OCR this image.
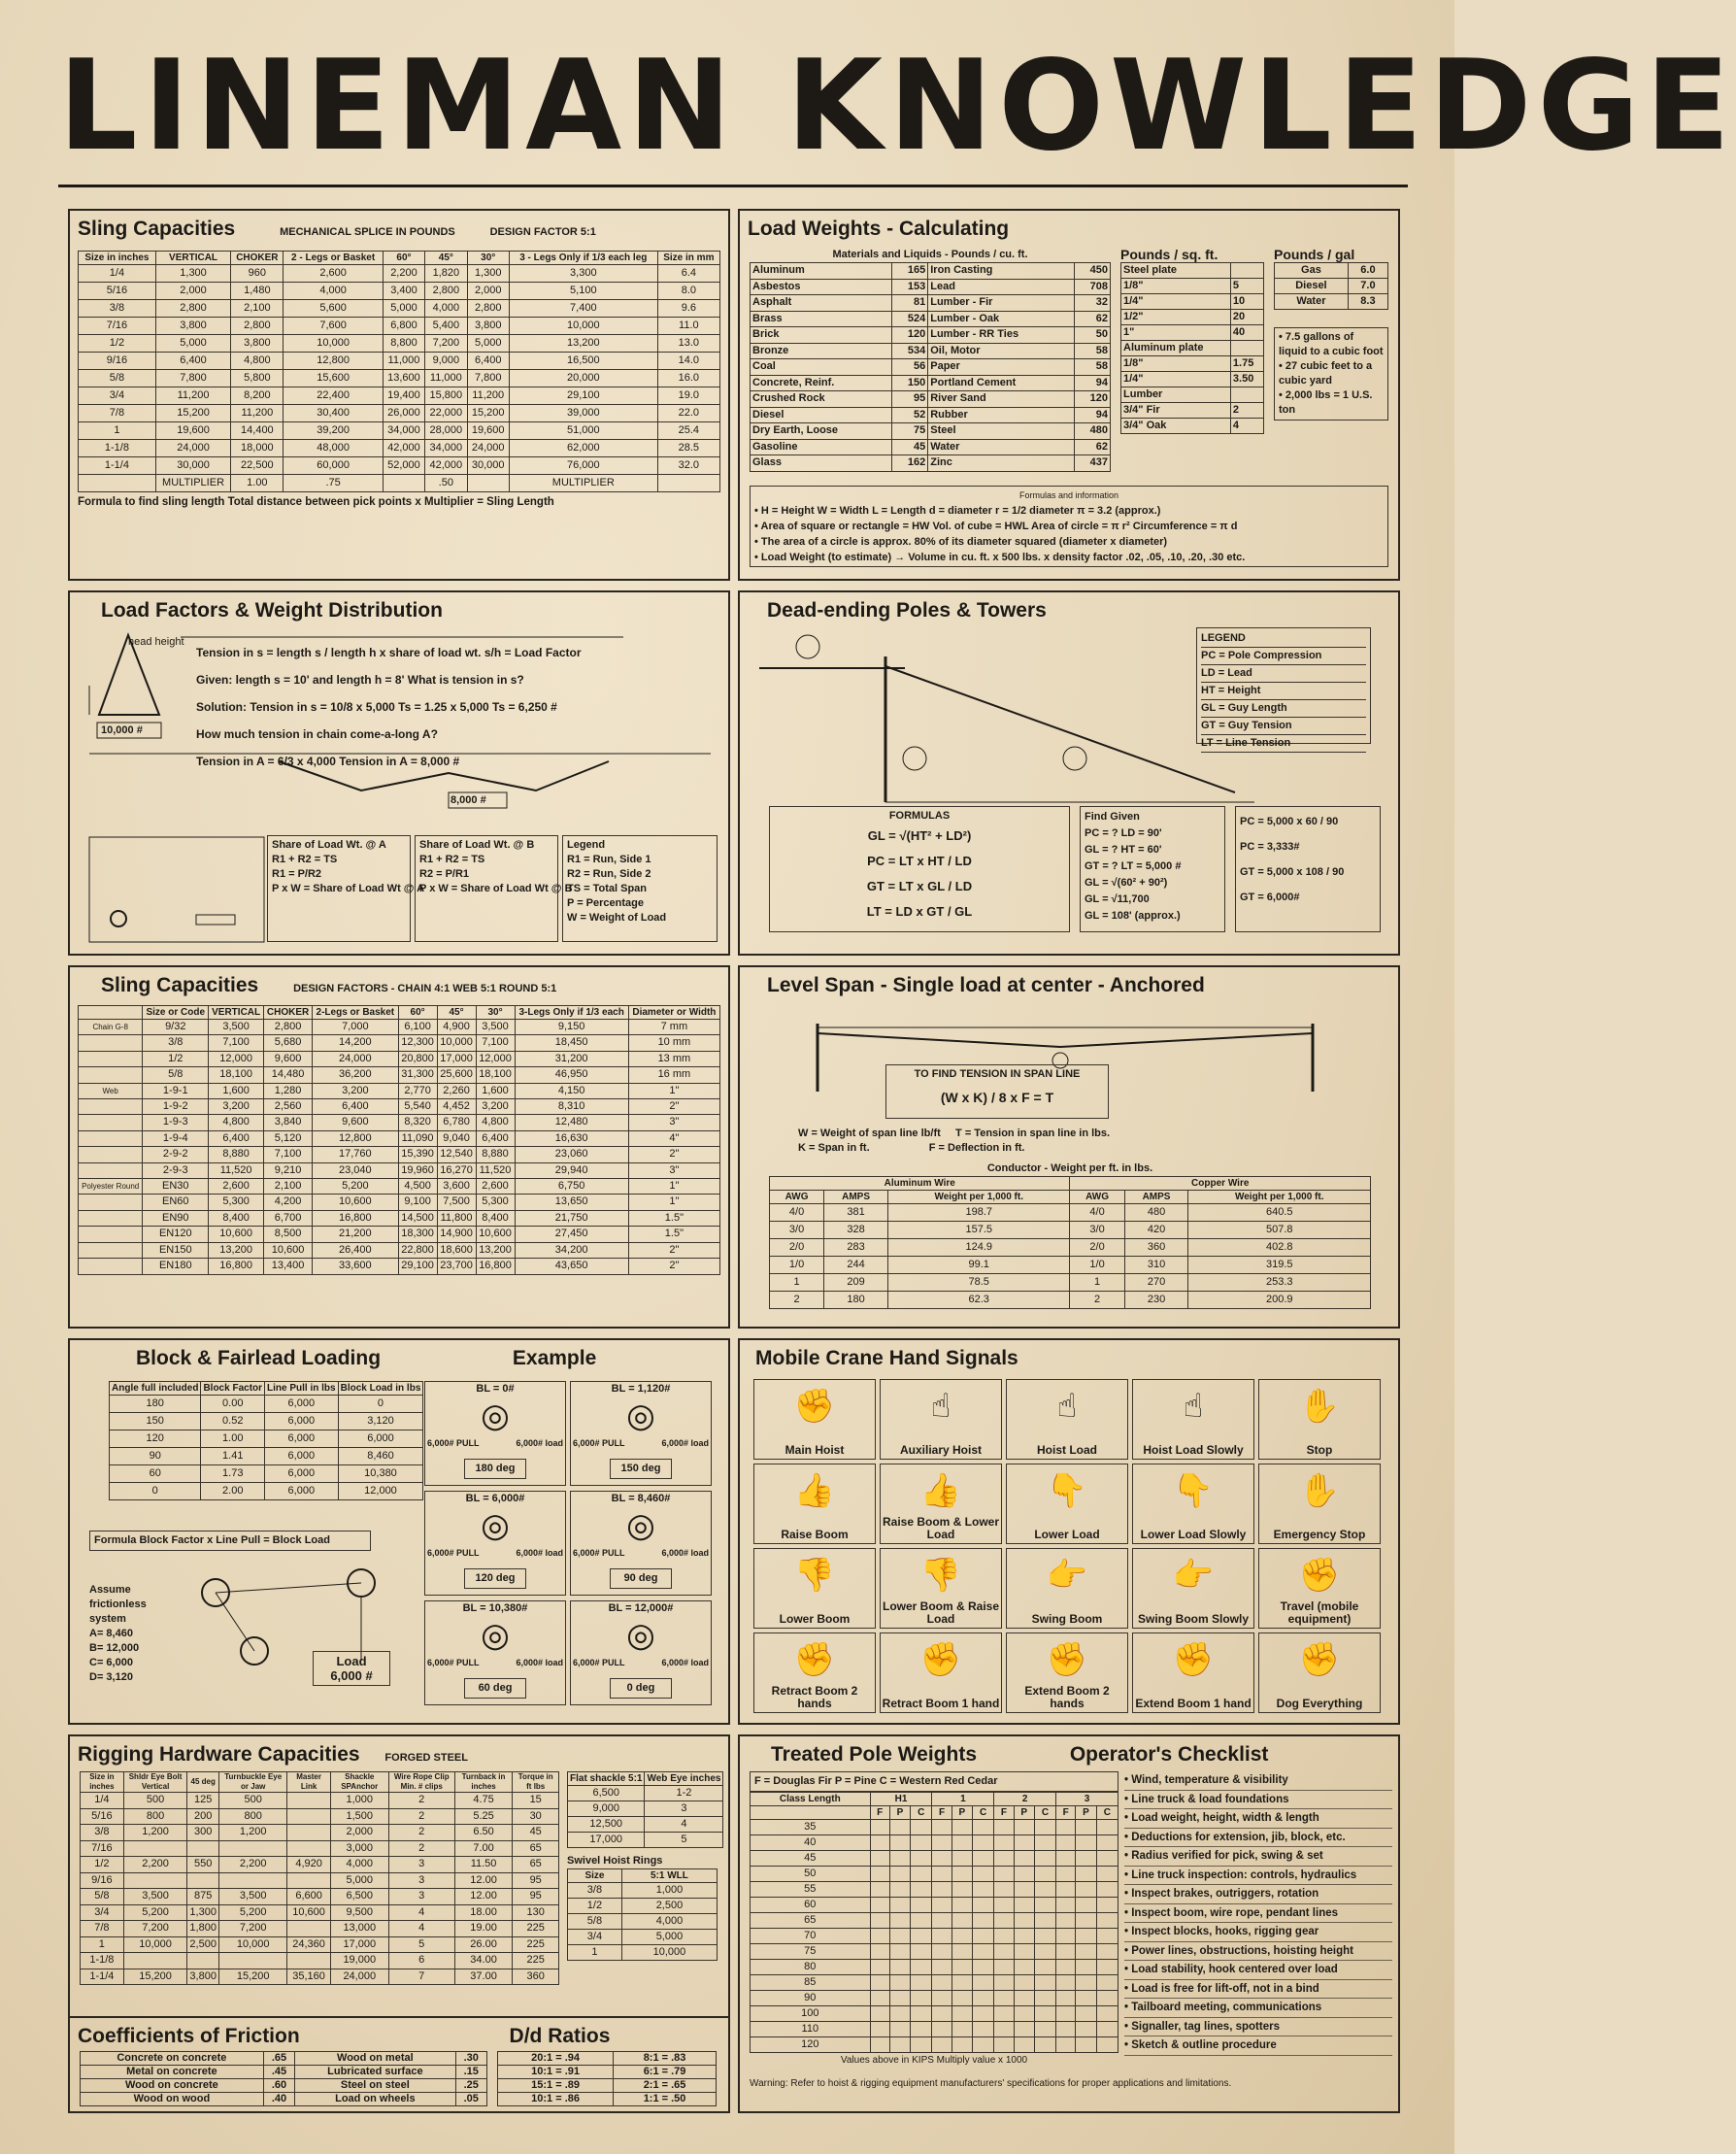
LINEMAN KNOWLEDGE
Sling Capacities	MECHANICAL SPLICE IN POUNDS	DESIGN FACTOR 5:1
Size in inches	VERTICAL	CHOKER	2 - Legs or Basket	60°	45°	30°	3 - Legs Only if 1/3 each leg	Size in mm
1/4	1,300	960	2,600	2,200	1,820	1,300	3,300	6.4
5/16	2,000	1,480	4,000	3,400	2,800	2,000	5,100	8.0
3/8	2,800	2,100	5,600	5,000	4,000	2,800	7,400	9.6
7/16	3,800	2,800	7,600	6,800	5,400	3,800	10,000	11.0
1/2	5,000	3,800	10,000	8,800	7,200	5,000	13,200	13.0
9/16	6,400	4,800	12,800	11,000	9,000	6,400	16,500	14.0
5/8	7,800	5,800	15,600	13,600	11,000	7,800	20,000	16.0
3/4	11,200	8,200	22,400	19,400	15,800	11,200	29,100	19.0
7/8	15,200	11,200	30,400	26,000	22,000	15,200	39,000	22.0
1	19,600	14,400	39,200	34,000	28,000	19,600	51,000	25.4
1-1/8	24,000	18,000	48,000	42,000	34,000	24,000	62,000	28.5
1-1/4	30,000	22,500	60,000	52,000	42,000	30,000	76,000	32.0
	MULTIPLIER	1.00	.75		.50		MULTIPLIER	
Formula to find sling length Total distance between pick points x Multiplier = Sling Length
Load Weights - Calculating
Materials and Liquids - Pounds / cu. ft.
Aluminum	165	Iron Casting	450
Asbestos	153	Lead	708
Asphalt	81	Lumber - Fir	32
Brass	524	Lumber - Oak	62
Brick	120	Lumber - RR Ties	50
Bronze	534	Oil, Motor	58
Coal	56	Paper	58
Concrete, Reinf.	150	Portland Cement	94
Crushed Rock	95	River Sand	120
Diesel	52	Rubber	94
Dry Earth, Loose	75	Steel	480
Gasoline	45	Water	62
Glass	162	Zinc	437
Pounds / sq. ft.
Steel plate	
1/8"	5
1/4"	10
1/2"	20
1"	40
Aluminum plate	
1/8"	1.75
1/4"	3.50
Lumber	
3/4" Fir	2
3/4" Oak	4
Pounds / gal
Gas	6.0
Diesel	7.0
Water	8.3
• 7.5 gallons of liquid to a cubic foot
• 27 cubic feet to a cubic yard
• 2,000 lbs = 1 U.S. ton
Formulas and information
• H = Height W = Width L = Length d = diameter r = 1/2 diameter π = 3.2 (approx.)
• Area of square or rectangle = HW Vol. of cube = HWL Area of circle = π r² Circumference = π d
• The area of a circle is approx. 80% of its diameter squared (diameter x diameter)
• Load Weight (to estimate) → Volume in cu. ft. x 500 lbs. x density factor .02, .05, .10, .20, .30 etc.
Load Factors & Weight Distribution
head height
10,000 #
Tension in s = length s / length h x share of load wt. s/h = Load Factor
Given: length s = 10' and length h = 8' What is tension in s?
Solution: Tension in s = 10/8 x 5,000 Ts = 1.25 x 5,000 Ts = 6,250 #
How much tension in chain come-a-long A?
Tension in A = 6/3 x 4,000 Tension in A = 8,000 #
8,000 #
Share of Load Wt. @ A
R1 + R2 = TS
R1 = P/R2
P x W = Share of Load Wt @ A
Share of Load Wt. @ B
R1 + R2 = TS
R2 = P/R1
P x W = Share of Load Wt @ B
Legend
R1 = Run, Side 1
R2 = Run, Side 2
TS = Total Span
P = Percentage
W = Weight of Load
Dead-ending Poles & Towers
LEGEND
PC = Pole Compression
LD = Lead
HT = Height
GL = Guy Length
GT = Guy Tension
LT = Line Tension
FORMULAS
GL = √(HT² + LD²)
PC = LT x HT / LD
GT = LT x GL / LD
LT = LD x GT / GL
Find Given
PC = ? LD = 90'
GL = ? HT = 60'
GT = ? LT = 5,000 #
GL = √(60² + 90²)
GL = √11,700
GL = 108' (approx.)
PC = 5,000 x 60 / 90
PC = 3,333#
GT = 5,000 x 108 / 90
GT = 6,000#
Sling Capacities	DESIGN FACTORS - CHAIN 4:1 WEB 5:1 ROUND 5:1
	Size or Code	VERTICAL	CHOKER	2-Legs or Basket	60°	45°	30°	3-Legs Only if 1/3 each	Diameter or Width
Chain G-8	9/32	3,500	2,800	7,000	6,100	4,900	3,500	9,150	7 mm
	3/8	7,100	5,680	14,200	12,300	10,000	7,100	18,450	10 mm
	1/2	12,000	9,600	24,000	20,800	17,000	12,000	31,200	13 mm
	5/8	18,100	14,480	36,200	31,300	25,600	18,100	46,950	16 mm
Web	1-9-1	1,600	1,280	3,200	2,770	2,260	1,600	4,150	1"
	1-9-2	3,200	2,560	6,400	5,540	4,452	3,200	8,310	2"
	1-9-3	4,800	3,840	9,600	8,320	6,780	4,800	12,480	3"
	1-9-4	6,400	5,120	12,800	11,090	9,040	6,400	16,630	4"
	2-9-2	8,880	7,100	17,760	15,390	12,540	8,880	23,060	2"
	2-9-3	11,520	9,210	23,040	19,960	16,270	11,520	29,940	3"
Polyester Round	EN30	2,600	2,100	5,200	4,500	3,600	2,600	6,750	1"
	EN60	5,300	4,200	10,600	9,100	7,500	5,300	13,650	1"
	EN90	8,400	6,700	16,800	14,500	11,800	8,400	21,750	1.5"
	EN120	10,600	8,500	21,200	18,300	14,900	10,600	27,450	1.5"
	EN150	13,200	10,600	26,400	22,800	18,600	13,200	34,200	2"
	EN180	16,800	13,400	33,600	29,100	23,700	16,800	43,650	2"
Level Span - Single load at center - Anchored
TO FIND TENSION IN SPAN LINE
(W x K) / 8 x F = T
W = Weight of span line lb/ft     T = Tension in span line in lbs.
K = Span in ft.                    F = Deflection in ft.
Conductor - Weight per ft. in lbs.
Aluminum Wire			Copper Wire		
AWG	AMPS	Weight per 1,000 ft.	AWG	AMPS	Weight per 1,000 ft.
4/0	381	198.7	4/0	480	640.5
3/0	328	157.5	3/0	420	507.8
2/0	283	124.9	2/0	360	402.8
1/0	244	99.1	1/0	310	319.5
1	209	78.5	1	270	253.3
2	180	62.3	2	230	200.9
Block & Fairlead Loading	Example
Angle full included	Block Factor	Line Pull in lbs	Block Load in lbs
180	0.00	6,000	0
150	0.52	6,000	3,120
120	1.00	6,000	6,000
90	1.41	6,000	8,460
60	1.73	6,000	10,380
0	2.00	6,000	12,000
Formula Block Factor x Line Pull = Block Load
Assume frictionless system
A= 8,460
B= 12,000
C= 6,000
D= 3,120
Load
6,000 #
BL = 0#
◎
6,000# PULL	6,000# load
180 deg
BL = 1,120#
◎
6,000# PULL	6,000# load
150 deg
BL = 6,000#
◎
6,000# PULL	6,000# load
120 deg
BL = 8,460#
◎
6,000# PULL	6,000# load
90 deg
BL = 10,380#
◎
6,000# PULL	6,000# load
60 deg
BL = 12,000#
◎
6,000# PULL	6,000# load
0 deg
Mobile Crane Hand Signals
✊
Main Hoist
☝
Auxiliary Hoist
☝
Hoist Load
☝
Hoist Load Slowly
✋
Stop
👍
Raise Boom
👍
Raise Boom & Lower Load
👇
Lower Load
👇
Lower Load Slowly
✋
Emergency Stop
👎
Lower Boom
👎
Lower Boom & Raise Load
👉
Swing Boom
👉
Swing Boom Slowly
✊
Travel (mobile equipment)
✊
Retract Boom 2 hands
✊
Retract Boom 1 hand
✊
Extend Boom 2 hands
✊
Extend Boom 1 hand
✊
Dog Everything
Rigging Hardware Capacities FORGED STEEL
Size in inches	Shldr Eye Bolt Vertical	45 deg	Turnbuckle Eye or Jaw	Master Link	Shackle SPAnchor	Wire Rope Clip Min. # clips	Turnback in inches	Torque in ft lbs
1/4	500	125	500		1,000	2	4.75	15
5/16	800	200	800		1,500	2	5.25	30
3/8	1,200	300	1,200		2,000	2	6.50	45
7/16					3,000	2	7.00	65
1/2	2,200	550	2,200	4,920	4,000	3	11.50	65
9/16					5,000	3	12.00	95
5/8	3,500	875	3,500	6,600	6,500	3	12.00	95
3/4	5,200	1,300	5,200	10,600	9,500	4	18.00	130
7/8	7,200	1,800	7,200		13,000	4	19.00	225
1	10,000	2,500	10,000	24,360	17,000	5	26.00	225
1-1/8					19,000	6	34.00	225
1-1/4	15,200	3,800	15,200	35,160	24,000	7	37.00	360
Flat shackle 5:1	Web Eye inches
6,500	1-2
9,000	3
12,500	4
17,000	5
Swivel Hoist Rings
Size	5:1 WLL
3/8	1,000
1/2	2,500
5/8	4,000
3/4	5,000
1	10,000
Coefficients of Friction	D/d Ratios
Concrete on concrete	.65	Wood on metal	.30
Metal on concrete	.45	Lubricated surface	.15
Wood on concrete	.60	Steel on steel	.25
Wood on wood	.40	Load on wheels	.05
20:1 = .94	8:1 = .83
10:1 = .91	6:1 = .79
15:1 = .89	2:1 = .65
10:1 = .86	1:1 = .50
Treated Pole Weights	Operator's Checklist
F = Douglas Fir P = Pine C = Western Red Cedar
Class Length	H1			1			2			3		
	F	P	C	F	P	C	F	P	C	F	P	C
35												
40												
45												
50												
55												
60												
65												
70												
75												
80												
85												
90												
100												
110												
120												
Values above in KIPS Multiply value x 1000
• Wind, temperature & visibility
• Line truck & load foundations
• Load weight, height, width & length
• Deductions for extension, jib, block, etc.
• Radius verified for pick, swing & set
• Line truck inspection: controls, hydraulics
• Inspect brakes, outriggers, rotation
• Inspect boom, wire rope, pendant lines
• Inspect blocks, hooks, rigging gear
• Power lines, obstructions, hoisting height
• Load stability, hook centered over load
• Load is free for lift-off, not in a bind
• Tailboard meeting, communications
• Signaller, tag lines, spotters
• Sketch & outline procedure
Warning: Refer to hoist & rigging equipment manufacturers' specifications for proper applications and limitations.
